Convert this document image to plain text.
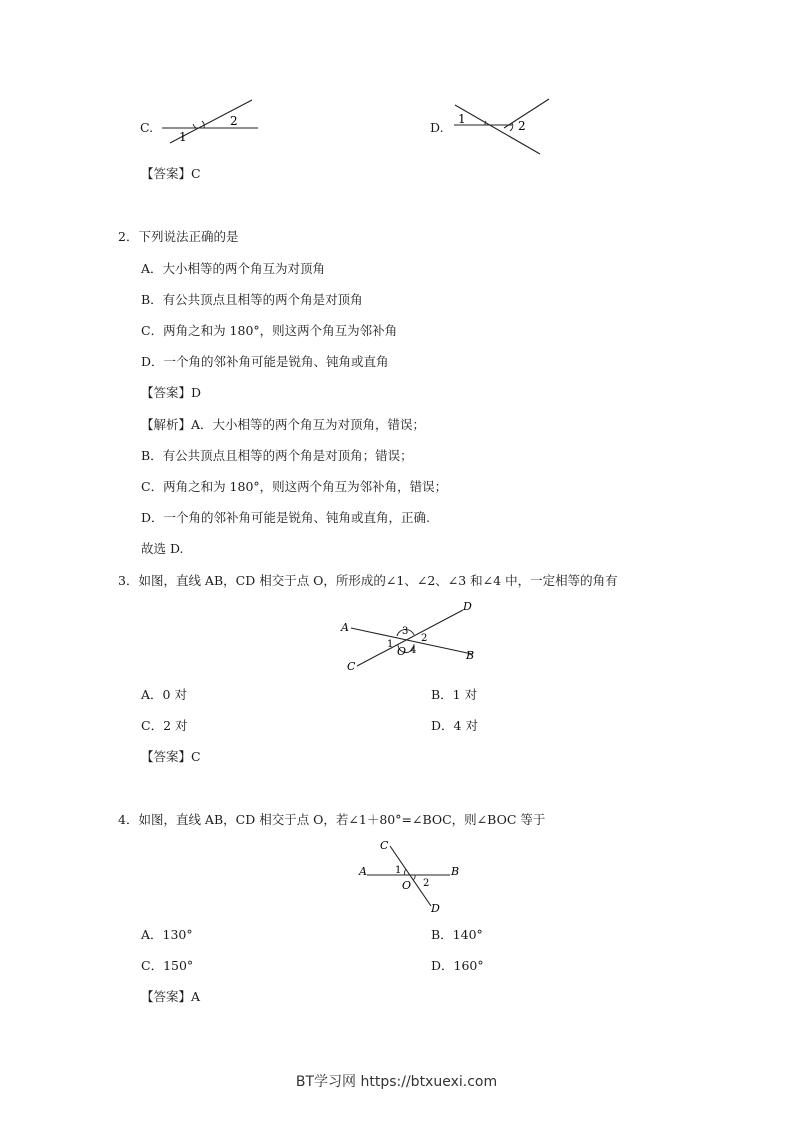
C.
1
2	D.
1	2
【答案】C
2．下列说法正确的是
A．大小相等的两个角互为对顶角
B．有公共顶点且相等的两个角是对顶角
C．两角之和为 180°，则这两个角互为邻补角
D．一个角的邻补角可能是锐角、钝角或直角
【答案】D
【解析】A．大小相等的两个角互为对顶角，错误；
B．有公共顶点且相等的两个角是对顶角；错误；
C．两角之和为 180°，则这两个角互为邻补角，错误；
D．一个角的邻补角可能是锐角、钝角或直角，正确.
故选 D.
3．如图，直线 AB，CD 相交于点 O，所形成的∠1、∠2、∠3 和∠4 中，一定相等的角有
A
B
C
D
O
1
2
3
4
A．0 对	B．1 对
C．2 对	D．4 对
【答案】C
4．如图，直线 AB，CD 相交于点 O，若∠1＋80°=∠BOC，则∠BOC 等于
A	B
C
D
O
1
2
A．130°	B．140°
C．150°	D．160°
【答案】A
BT学习网 https://btxuexi.com
